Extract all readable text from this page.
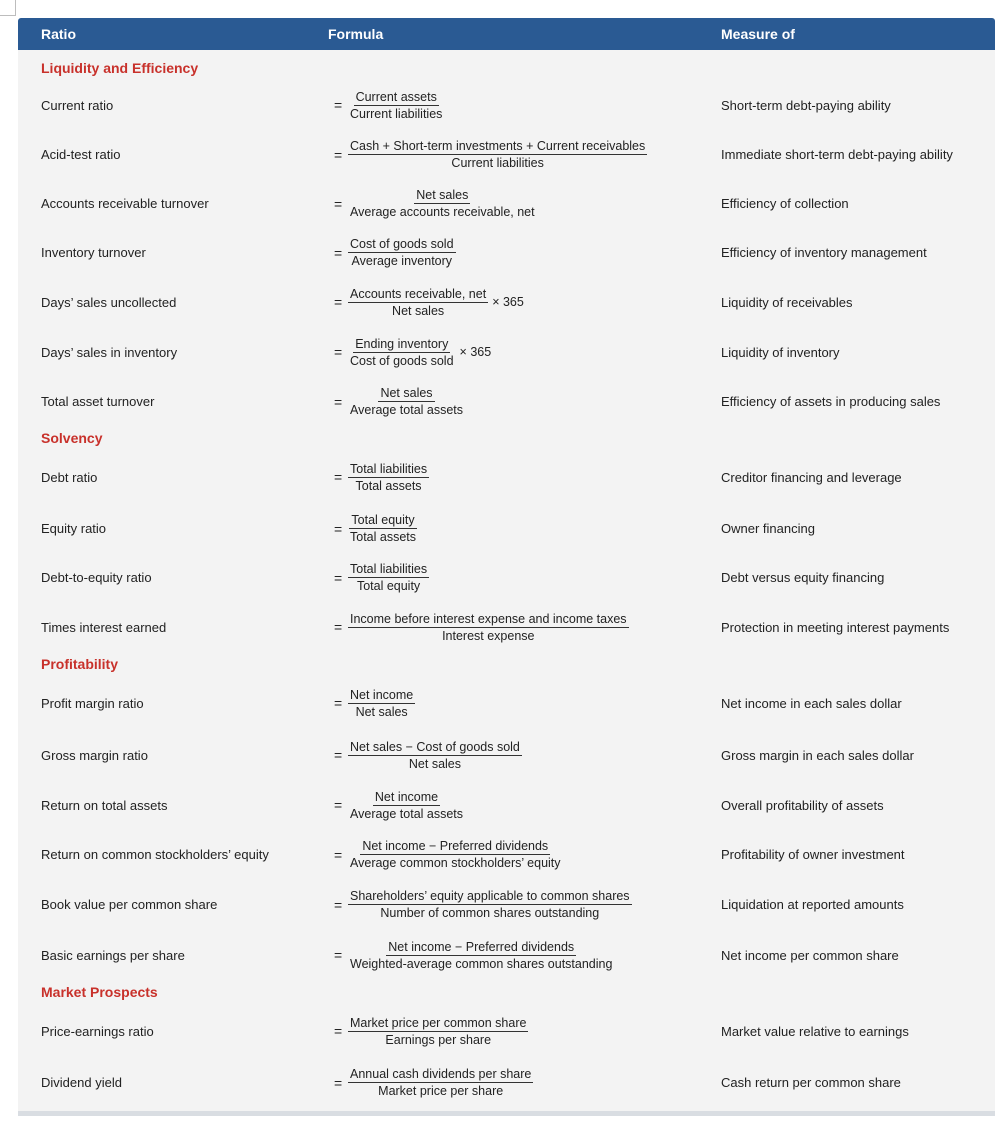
Ratio	Formula	Measure of
Liquidity and Efficiency
Current ratio	= $\frac{\text{Current assets}}{\text{Current liabilities}}$	Short-term debt-paying ability
Acid-test ratio	= $\frac{\text{Cash + Short-term investments + Current receivables}}{\text{Current liabilities}}$	Immediate short-term debt-paying ability
Accounts receivable turnover	= $\frac{\text{Net sales}}{\text{Average accounts receivable, net}}$	Efficiency of collection
Inventory turnover	= $\frac{\text{Cost of goods sold}}{\text{Average inventory}}$	Efficiency of inventory management
Days’ sales uncollected	= $\frac{\text{Accounts receivable, net}}{\text{Net sales}} \times 365$	Liquidity of receivables
Days’ sales in inventory	= $\frac{\text{Ending inventory}}{\text{Cost of goods sold}} \times 365$	Liquidity of inventory
Total asset turnover	= $\frac{\text{Net sales}}{\text{Average total assets}}$	Efficiency of assets in producing sales
Solvency
Debt ratio	= $\frac{\text{Total liabilities}}{\text{Total assets}}$	Creditor financing and leverage
Equity ratio	= $\frac{\text{Total equity}}{\text{Total assets}}$	Owner financing
Debt-to-equity ratio	= $\frac{\text{Total liabilities}}{\text{Total equity}}$	Debt versus equity financing
Times interest earned	= $\frac{\text{Income before interest expense and income taxes}}{\text{Interest expense}}$	Protection in meeting interest payments
Profitability
Profit margin ratio	= $\frac{\text{Net income}}{\text{Net sales}}$	Net income in each sales dollar
Gross margin ratio	= $\frac{\text{Net sales − Cost of goods sold}}{\text{Net sales}}$	Gross margin in each sales dollar
Return on total assets	= $\frac{\text{Net income}}{\text{Average total assets}}$	Overall profitability of assets
Return on common stockholders’ equity	= $\frac{\text{Net income − Preferred dividends}}{\text{Average common stockholders’ equity}}$	Profitability of owner investment
Book value per common share	= $\frac{\text{Shareholders’ equity applicable to common shares}}{\text{Number of common shares outstanding}}$	Liquidation at reported amounts
Basic earnings per share	= $\frac{\text{Net income − Preferred dividends}}{\text{Weighted-average common shares outstanding}}$	Net income per common share
Market Prospects
Price-earnings ratio	= $\frac{\text{Market price per common share}}{\text{Earnings per share}}$	Market value relative to earnings
Dividend yield	= $\frac{\text{Annual cash dividends per share}}{\text{Market price per share}}$	Cash return per common share
